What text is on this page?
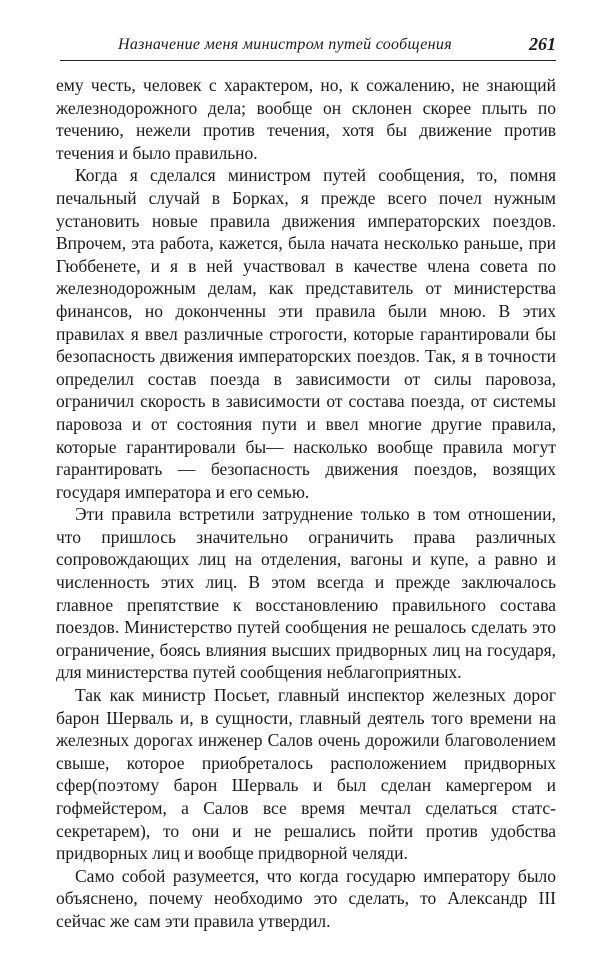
Назначение меня министром путей сообщения	261

ему честь, человек с характером, но, к сожалению, не знающий железнодорожного дела; вообще он склонен скорее плыть по течению, нежели против течения, хотя бы движение против течения и было правильно.

Когда я сделался министром путей сообщения, то, помня печальный случай в Борках, я прежде всего почел нужным установить новые правила движения императорских поездов. Впрочем, эта работа, кажется, была начата несколько раньше, при Гюббенете, и я в ней участвовал в качестве члена совета по железнодорожным делам, как представитель от министерства финансов, но доконченны эти правила были мною. В этих правилах я ввел различные строгости, которые гарантировали бы безопасность движения императорских поездов. Так, я в точности определил состав поезда в зависимости от силы паровоза, ограничил скорость в зависимости от состава поезда, от системы паровоза и от состояния пути и ввел многие другие правила, которые гарантировали бы— насколько вообще правила могут гарантировать — безопасность движения поездов, возящих государя императора и его семью.

Эти правила встретили затруднение только в том отношении, что пришлось значительно ограничить права различных сопровождающих лиц на отделения, вагоны и купе, а равно и численность этих лиц. В этом всегда и прежде заключалось главное препятствие к восстановлению правильного состава поездов. Министерство путей сообщения не решалось сделать это ограничение, боясь влияния высших придворных лиц на государя, для министерства путей сообщения неблагоприятных.

Так как министр Посьет, главный инспектор железных дорог барон Шерваль и, в сущности, главный деятель того времени на железных дорогах инженер Салов очень дорожили благоволением свыше, которое приобреталось расположением придворных сфер(поэтому барон Шерваль и был сделан камергером и гофмейстером, а Салов все время мечтал сделаться статс-секретарем), то они и не решались пойти против удобства придворных лиц и вообще придворной челяди.

Само собой разумеется, что когда государю императору было объяснено, почему необходимо это сделать, то Александр III сейчас же сам эти правила утвердил.
